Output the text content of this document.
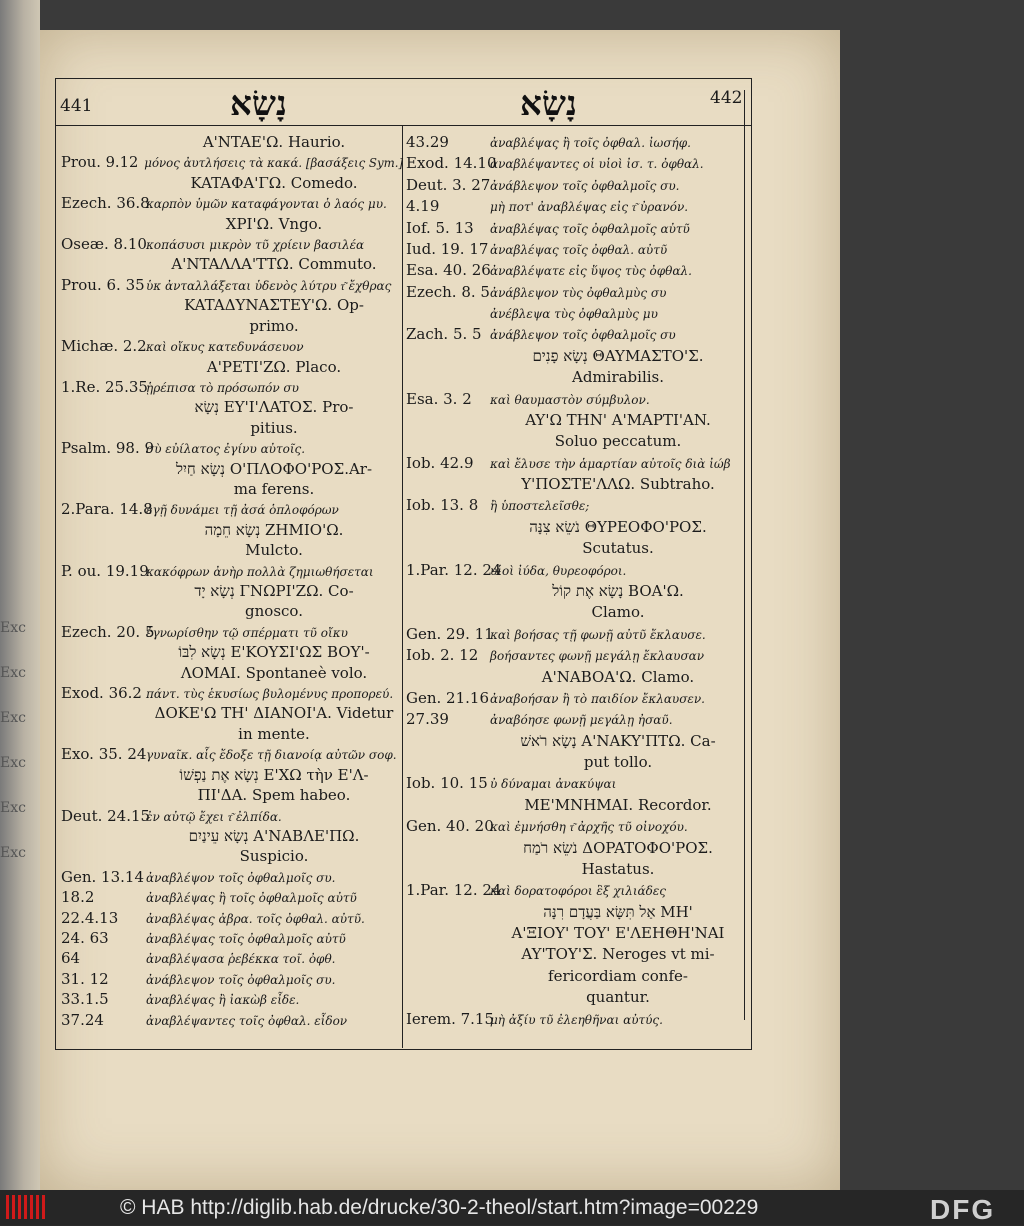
441	נָשָׂא	נָשָׂא	442
Exc
Exc
Exc
Exc
Exc
Exc
A'NTAE'Ω. Haurio.
Prou. 9.12 μόνος ἀυτλήσεις τὰ κακά. [βασάξεις Sym.]
KATAΦA'ΓΩ. Comedo.
Ezech. 36.8καρπὸν ὑμῶν καταφάγονται ὁ λαός μυ.
XPI'Ω. Vngo.
Oseæ. 8.10κοπάσυσι μικρὸν τῦ χρίειν βασιλέα
A'NTAΛΛA'TTΩ. Commuto.
Prou. 6. 35ὑκ ἀνταλλάξεται ὑδενὸς λύτρυ τ͂ ἔχθρας
KATAΔYNAΣTEY'Ω. Op-
primo.
Michæ. 2.2καὶ οἴκυς κατεδυνάσευον
A'PETI'ZΩ. Placo.
1.Re. 25.35ᾑρέπισα τὸ πρόσωπόν συ
נְשָׂא EY'I'ΛATOΣ. Pro-
pitius.
Psalm. 98. 9σὺ εὐίλατος ἐγίνυ αὐτοῖς.
נְשָׂא חַיִל O'ΠΛOΦO'POΣ.Ar-
ma ferens.
2.Para. 14.8ἐγῇ δυνάμει τῇ ἀσά ὁπλοφόρων
נְשָׂא חֵמָה ZHMIO'Ω.
Mulcto.
P. ou. 19.19κακόφρων ἀνὴρ πολλὰ ζημιωθήσεται
נְשָׂא יָד ΓNΩPI'ZΩ. Co-
gnosco.
Ezech. 20. 5ἐγνωρίσθην τῷ σπέρματι τῦ οἴκυ
נְשָׂא לִבּוֹ E'KOYΣI'ΩΣ BOY'-
ΛOMAI. Spontaneè volo.
Exod. 36.2 πάντ. τὺς ἑκυσίως βυλομένυς προπορεύ.
ΔOKE'Ω TH' ΔIANOI'A. Videtur
in mente.
Exo. 35. 24γυναῖκ. αἷς ἔδοξε τῇ διανοίᾳ αὐτῶν σοφ.
נְשָׂא אֶת נַפְשׁוֹ E'XΩ τὴν E'Λ-
ΠI'ΔA. Spem habeo.
Deut. 24.15ἐν αὐτῷ ἔχει τ͂ ἐλπίδα.
נְשָׂא עֵינַיִם A'NABΛE'ΠΩ.
Suspicio.
Gen. 13.14 ἀναβλέψον τοῖς ὀφθαλμοῖς συ.
18.2	ἀναβλέψας ἢ τοῖς ὀφθαλμοῖς αὐτῦ
22.4.13 ἀναβλέψας ἀβρα. τοῖς ὀφθαλ. αὐτῦ.
24. 63	ἀναβλέψας τοῖς ὀφθαλμοῖς αὐτῦ
64	ἀναβλέψασα ῥεβέκκα τοῖ. ὀφθ.
31. 12	ἀνάβλεψον τοῖς ὀφθαλμοῖς συ.
33.1.5	ἀναβλέψας ἢ ἰακὼβ εἶδε.
37.24	ἀναβλέψαντες τοῖς ὀφθαλ. εἶδον
43.29	ἀναβλέψας ἢ τοῖς ὀφθαλ. ἰωσήφ.
Exod. 14.10ἀναβλέψαντες οἱ υἱοὶ ἰσ. τ. ὀφθαλ.
Deut. 3. 27ἀνάβλεψον τοῖς ὀφθαλμοῖς συ.
4.19	μὴ ποτ' ἀναβλέψας εἰς τ͂ ὐρανόν.
Iof. 5. 13 ἀναβλέψας τοῖς ὀφθαλμοῖς αὐτῦ
Iud. 19. 17 ἀναβλέψας τοῖς ὀφθαλ. αὐτῦ
Esa. 40. 26ἀναβλέψατε εἰς ὕψος τὺς ὀφθαλ.
Ezech. 8. 5ἀνάβλεψον τὺς ὀφθαλμὺς συ
ἀνέβλεψα τὺς ὀφθαλμὺς μυ
Zach. 5. 5 ἀνάβλεψον τοῖς ὀφθαλμοῖς συ
נְשָׂא פָנִים ΘAYMAΣTO'Σ.
Admirabilis.
Esa. 3. 2 καὶ θαυμαστὸν σύμβυλον.
AY'Ω THN' A'MAPTI'AN.
Soluo peccatum.
Iob. 42.9 καὶ ἔλυσε τὴν ἁμαρτίαν αὐτοῖς διὰ ἰώβ
Y'ΠOΣTE'ΛΛΩ. Subtraho.
Iob. 13. 8 ἢ ὑποστελεῖσθε;
נֹשֵׂא צִנָּה ΘYPEOΦO'POΣ.
Scutatus.
1.Par. 12. 24υἱοὶ ἰύδα, θυρεοφόροι.
נָשָׂא אֶת קוֹל BOA'Ω.
Clamo.
Gen. 29. 11καὶ βοήσας τῇ φωνῇ αὐτῦ ἔκλαυσε.
Iob. 2. 12 βοήσαντες φωνῇ μεγάλῃ ἔκλαυσαν
A'NABOA'Ω. Clamo.
Gen. 21.16ἀναβοήσαν ἢ τὸ παιδίον ἔκλαυσεν.
27.39	ἀναβόησε φωνῇ μεγάλῃ ἠσαῦ.
נָשָׂא רֹאשׁ A'NAKY'ΠTΩ. Ca-
put tollo.
Iob. 10. 15 ὐ δύναμαι ἀνακύψαι
ME'MNHMAI. Recordor.
Gen. 40. 20καὶ ἐμνήσθη τ͂ ἀρχῆς τῦ οἰνοχόυ.
נֹשֵׂא רֹמַח ΔOPATOΦO'POΣ.
Hastatus.
1.Par. 12. 24καὶ δορατοφόροι ἓξ χιλιάδες
אַל תִּשָּׂא בַּעֲדָם רִנָּה MH'
A'ΞIOY' TOY' E'ΛEHΘH'NAI
AY'TOY'Σ. Neroges vt mi-
fericordiam confe-
quantur.
Ierem. 7.15μὴ ἀξίυ τῦ ἐλεηθῆναι αὐτύς.
© HAB http://diglib.hab.de/drucke/30-2-theol/start.htm?image=00229	DFG
